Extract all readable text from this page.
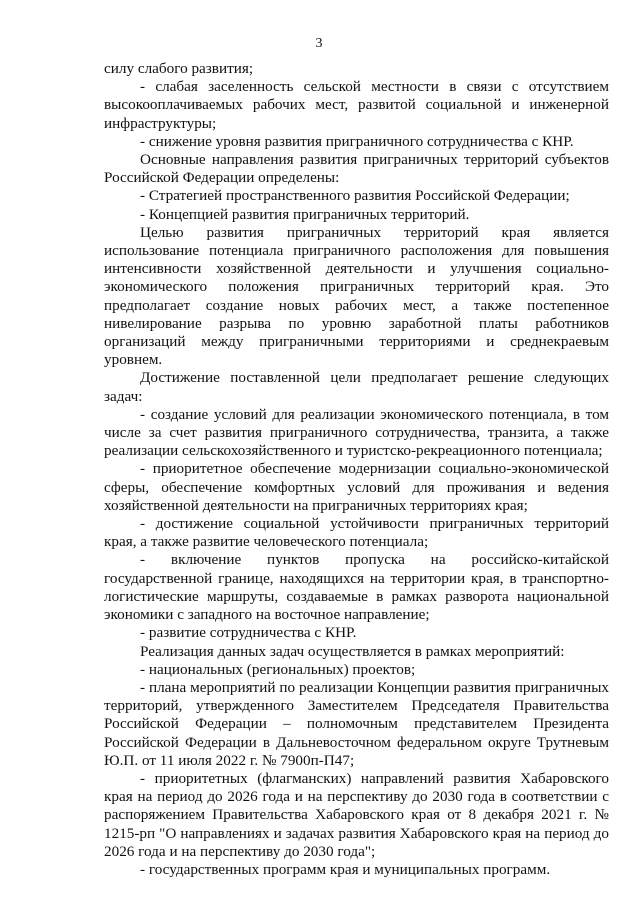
3

силу слабого развития;

- слабая заселенность сельской местности в связи с отсутствием высокооплачиваемых рабочих мест, развитой социальной и инженерной инфраструктуры;

- снижение уровня развития приграничного сотрудничества с КНР.

Основные направления развития приграничных территорий субъектов Российской Федерации определены:

- Стратегией пространственного развития Российской Федерации;

- Концепцией развития приграничных территорий.

Целью развития приграничных территорий края является использование потенциала приграничного расположения для повышения интенсивности хозяйственной деятельности и улучшения социально-экономического положения приграничных территорий края. Это предполагает создание новых рабочих мест, а также постепенное нивелирование разрыва по уровню заработной платы работников организаций между приграничными территориями и среднекраевым уровнем.

Достижение поставленной цели предполагает решение следующих задач:

- создание условий для реализации экономического потенциала, в том числе за счет развития приграничного сотрудничества, транзита, а также реализации сельскохозяйственного и туристско-рекреационного потенциала;

- приоритетное обеспечение модернизации социально-экономической сферы, обеспечение комфортных условий для проживания и ведения хозяйственной деятельности на приграничных территориях края;

- достижение социальной устойчивости приграничных территорий края, а также развитие человеческого потенциала;

- включение пунктов пропуска на российско-китайской государственной границе, находящихся на территории края, в транспортно-логистические маршруты, создаваемые в рамках разворота национальной экономики с западного на восточное направление;

- развитие сотрудничества с КНР.

Реализация данных задач осуществляется в рамках мероприятий:

- национальных (региональных) проектов;

- плана мероприятий по реализации Концепции развития приграничных территорий, утвержденного Заместителем Председателя Правительства Российской Федерации – полномочным представителем Президента Российской Федерации в Дальневосточном федеральном округе Трутневым Ю.П. от 11 июля 2022 г. № 7900п-П47;

- приоритетных (флагманских) направлений развития Хабаровского края на период до 2026 года и на перспективу до 2030 года в соответствии с распоряжением Правительства Хабаровского края от 8 декабря 2021 г. № 1215-рп "О направлениях и задачах развития Хабаровского края на период до 2026 года и на перспективу до 2030 года";

- государственных программ края и муниципальных программ.
